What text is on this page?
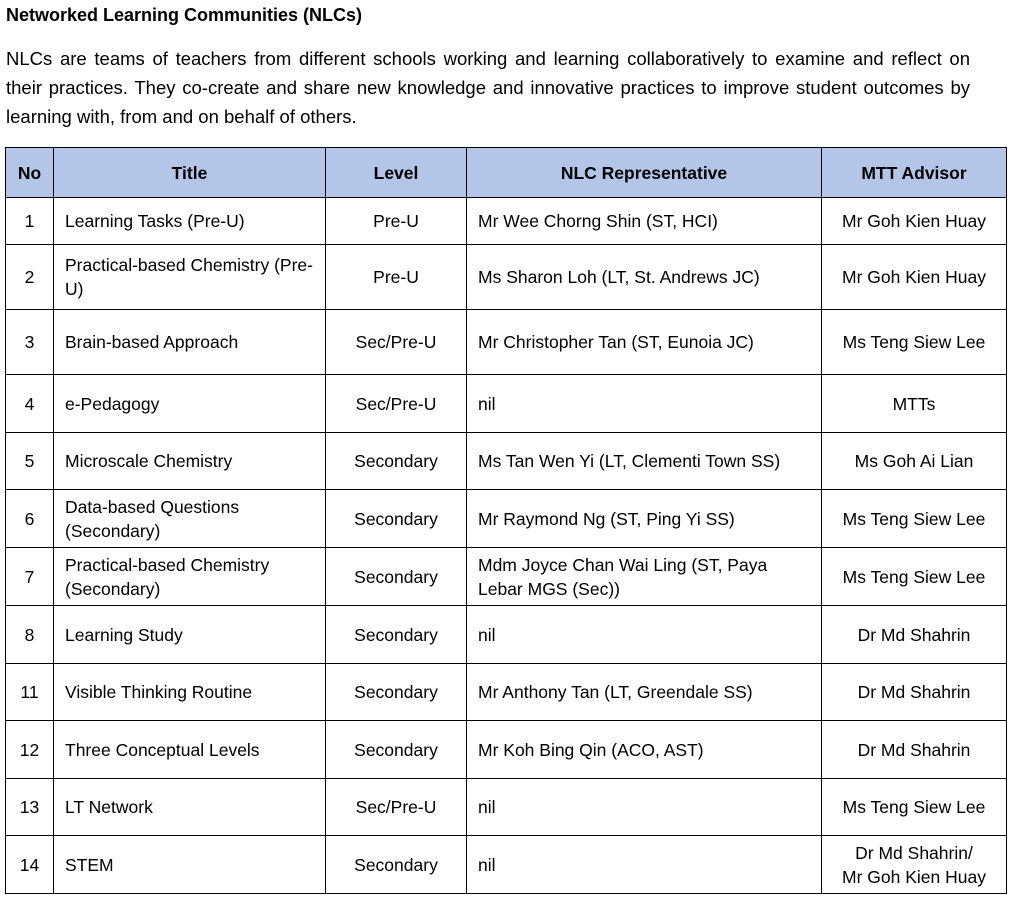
Networked Learning Communities (NLCs)
NLCs are teams of teachers from different schools working and learning collaboratively to examine and reflect on their practices. They co-create and share new knowledge and innovative practices to improve student outcomes by learning with, from and on behalf of others.
No	Title	Level	NLC Representative	MTT Advisor
1	Learning Tasks (Pre-U)	Pre-U	Mr Wee Chorng Shin (ST, HCI)	Mr Goh Kien Huay
2	Practical-based Chemistry (Pre-U)	Pre-U	Ms Sharon Loh (LT, St. Andrews JC)	Mr Goh Kien Huay
3	Brain-based Approach	Sec/Pre-U	Mr Christopher Tan (ST, Eunoia JC)	Ms Teng Siew Lee
4	e-Pedagogy	Sec/Pre-U	nil	MTTs
5	Microscale Chemistry	Secondary	Ms Tan Wen Yi (LT, Clementi Town SS)	Ms Goh Ai Lian
6	Data-based Questions (Secondary)	Secondary	Mr Raymond Ng (ST, Ping Yi SS)	Ms Teng Siew Lee
7	Practical-based Chemistry (Secondary)	Secondary	Mdm Joyce Chan Wai Ling (ST, Paya Lebar MGS (Sec))	Ms Teng Siew Lee
8	Learning Study	Secondary	nil	Dr Md Shahrin
11	Visible Thinking Routine	Secondary	Mr Anthony Tan (LT, Greendale SS)	Dr Md Shahrin
12	Three Conceptual Levels	Secondary	Mr Koh Bing Qin (ACO, AST)	Dr Md Shahrin
13	LT Network	Sec/Pre-U	nil	Ms Teng Siew Lee
14	STEM	Secondary	nil	Dr Md Shahrin/
Mr Goh Kien Huay
